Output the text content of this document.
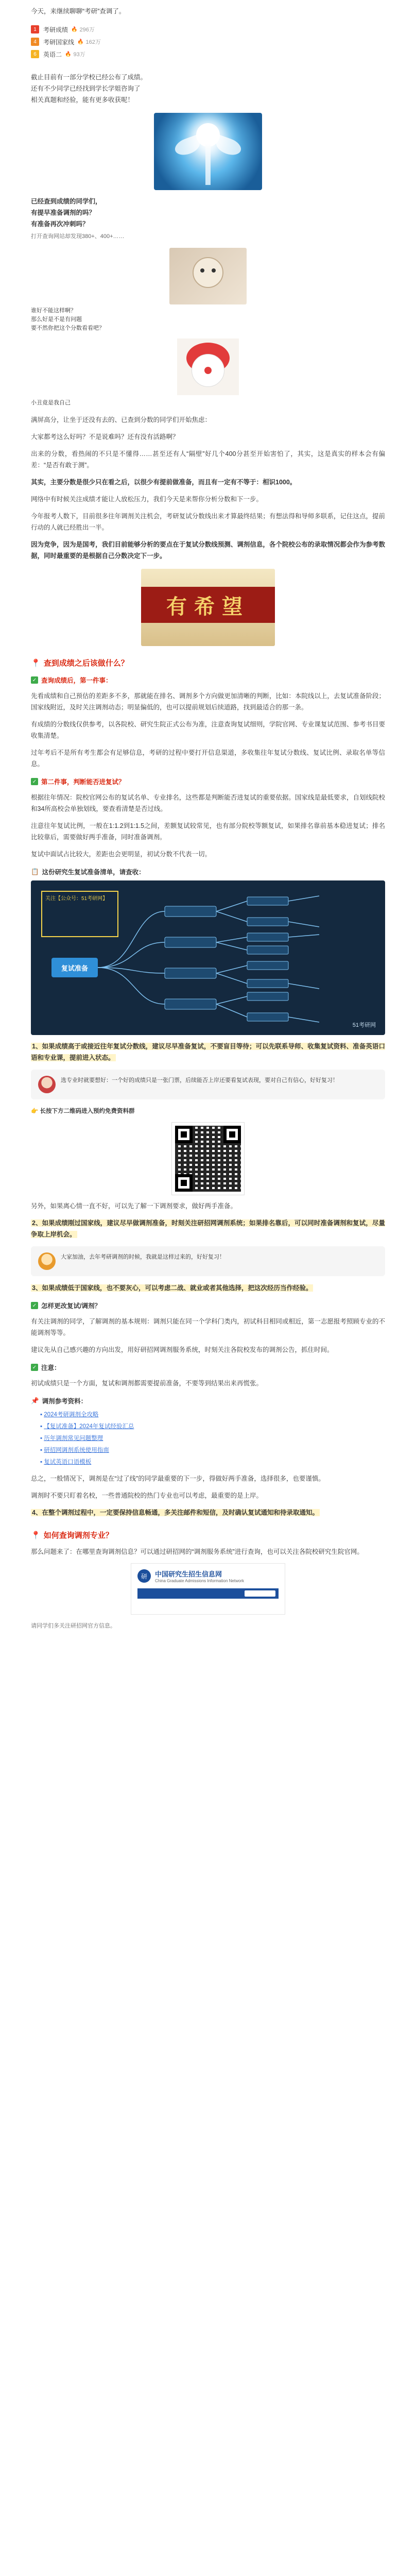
今天，来继续聊聊“考研”查调了。

1	考研成绩 🔥 296万
4	考研国家线 🔥 162万
6	英语二 🔥 93万

截止目前有一部分学校已经公布了成绩。
还有不少同学已经找到学长学姐咨询了
相关真题和经验，能有更多收获呢！

已经查到成绩的同学们，
有提早准备调剂的吗？
有准备再次冲刺吗？

打开查询网站却发现380+、400+……

谁好不能这样啊？
那么好是不是有问题
要不然你把这个分数看看吧？

小丑竟是我自己

满屏高分，让坐于还没有去的、已查到分数的同学们开始焦虑：

大家都考这么好吗？不是说难吗？还有没有活路啊？

出来的分数，看热闹的不只是不懂得……甚至还有人“隔壁”好几个400分甚至开始害怕了，其实，这是真实的样本会有偏差：“是否有敢于测”。

其实，主要分数是很少只在看之后，以很少有提前做准备，而且有一定有不等于：相识1000。

网络中有时候关注成绩才能让人放松压力，我们今天是来帮你分析分数和下一步。

今年报考人数下，目前很多往年调剂关注机会，考研复试分数线出来才算最终结果；有想法得和导师多联系，记住这点，提前行动的人就已经胜出一半。

因为竞争，因为是国考，我们目前能够分析的要点在于复试分数线预测、调剂信息，各个院校公布的录取情况都会作为参考数据，同时最重要的是根据自己分数决定下一步。

有希望
📍 查到成绩之后该做什么？
✓ 查询成绩后，第一件事：

先看成绩和自己预估的差距多不多，那就能在排名、调剂多个方向做更加清晰的判断，比如：本院线以上，去复试准备阶段；国家线附近，及时关注调剂动态；明显偏低的，也可以提前规划后续道路，找到最适合的那一条。

有成绩的分数线仅供参考，以各院校、研究生院正式公布为准，注意查询复试细则，学院官网、专业课复试范围、参考书目要收集清楚。

过年考后不是所有考生都会有足够信息，考研的过程中要打开信息渠道，多收集往年复试分数线、复试比例、录取名单等信息。

✓ 第二件事，判断能否进复试？

根据往年情况：院校官网公布的复试名单、专业排名，这些都是判断能否进复试的重要依据。国家线是最低要求，自划线院校和34所高校会单独划线，要查看清楚是否过线。

注意往年复试比例，一般在1:1.2到1:1.5之间，差额复试较常见，也有部分院校等额复试，如果排名靠前基本稳进复试；排名比较靠后，需要做好两手准备，同时准备调剂。

复试中面试占比较大，差距也会更明显，初试分数不代表一切。

📋 这份研究生复试准备清单，请查收：
关注【公众号：51考研网】
复试准备
51考研网

1、如果成绩高于或接近往年复试分数线，建议尽早准备复试，不要盲目等待；可以先联系导师、收集复试资料、准备英语口语和专业课，提前进入状态。

选专业时就要想好：一个好的成绩只是一张门票，后续能否上岸还要看复试表现，要对自己有信心，好好复习！

👉 长按下方二维码进入预约免费资料群

另外，如果离心情一直不好，可以先了解一下调剂要求，做好两手准备。

2、如果成绩刚过国家线，建议尽早做调剂准备，时刻关注研招网调剂系统；如果排名靠后，可以同时准备调剂和复试，尽量争取上岸机会。

大家加油，去年考研调剂的时候，我就是这样过来的，好好复习！

3、如果成绩低于国家线，也不要灰心，可以考虑二战、就业或者其他选择，把这次经历当作经验。

✓ 怎样更改复试/调剂？

有关注调剂的同学，了解调剂的基本规则：调剂只能在同一个学科门类内，初试科目相同或相近，第一志愿报考照顾专业的不能调剂等等。

建议先从自己感兴趣的方向出发，用好研招网调剂服务系统，时刻关注各院校发布的调剂公告，抓住时间。

✓ 注意：

初试成绩只是一个方面，复试和调剂都需要提前准备，不要等到结果出来再慌张。

📌 调剂参考资料：
▪ 2024考研调剂全攻略
▪ 【复试准备】2024年复试经验汇总
▪ 历年调剂常见问题整理
▪ 研招网调剂系统使用指南
▪ 复试英语口语模板

总之，一般情况下，调剂是在“过了线”的同学最重要的下一步，得做好两手准备，选择很多，也要谨慎。

调剂时不要只盯着名校，一些普通院校的热门专业也可以考虑，最重要的是上岸。

4、在整个调剂过程中，一定要保持信息畅通，多关注邮件和短信，及时确认复试通知和待录取通知。

📍 如何查询调剂专业？

那么问题来了：在哪里查询调剂信息？可以通过研招网的“调剂服务系统”进行查询，也可以关注各院校研究生院官网。

研	中国研究生招生信息网
China Graduate Admissions Information Network

请同学们多关注研招网官方信息。
